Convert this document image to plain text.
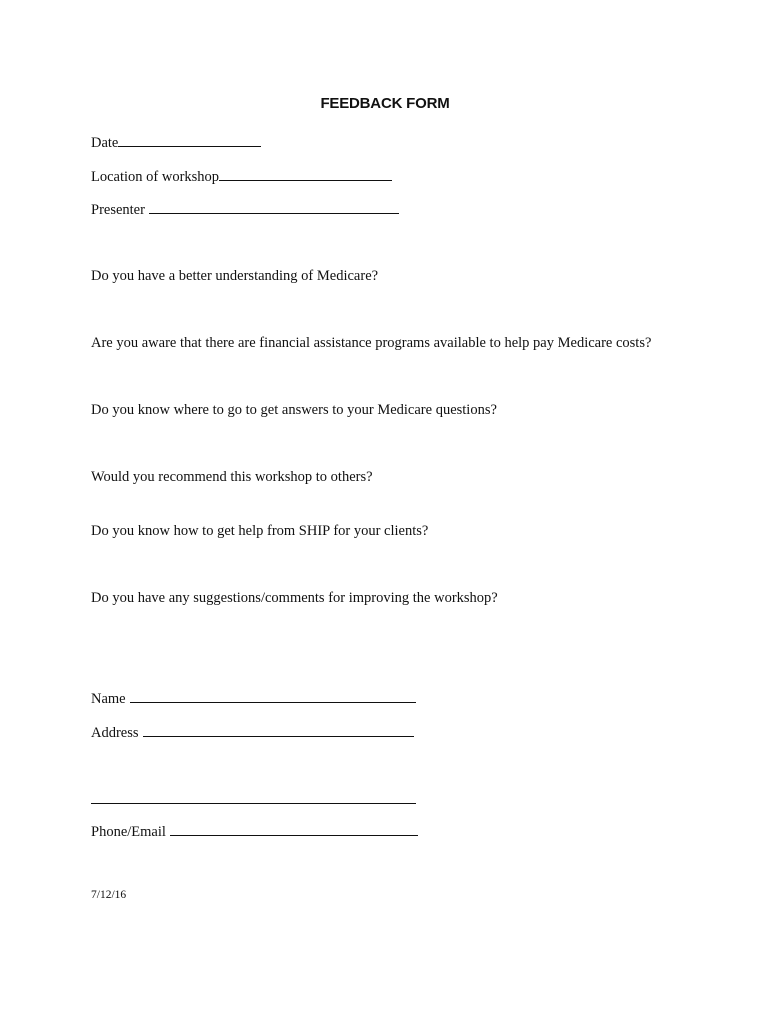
FEEDBACK FORM
Date
Location of workshop
Presenter
Do you have a better understanding of Medicare?
Are you aware that there are financial assistance programs available to help pay Medicare costs?
Do you know where to go to get answers to your Medicare questions?
Would you recommend this workshop to others?
Do you know how to get help from SHIP for your clients?
Do you have any suggestions/comments for improving the workshop?
Name
Address
Phone/Email
7/12/16
